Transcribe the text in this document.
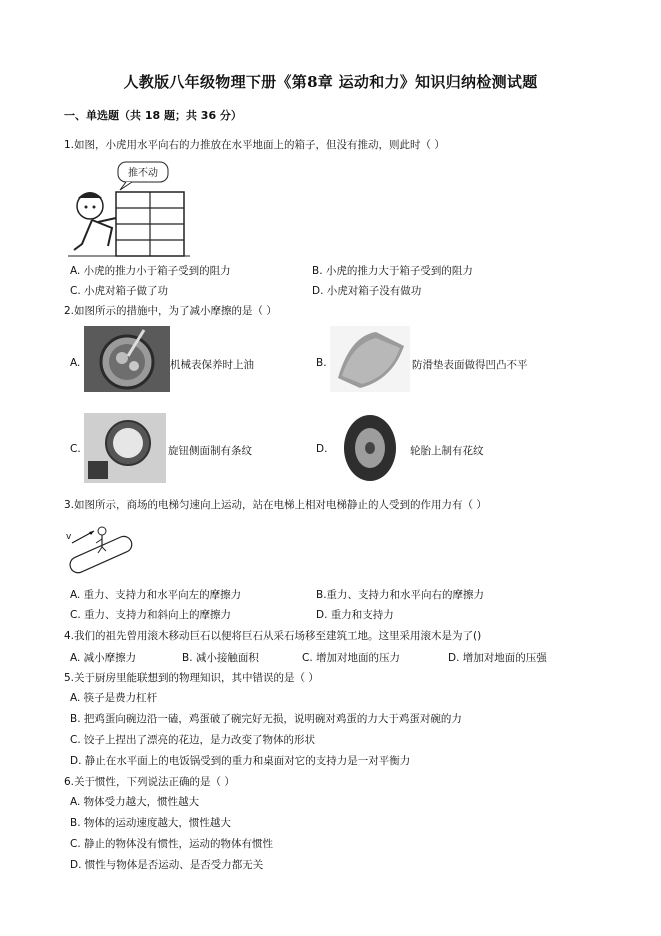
人教版八年级物理下册《第8章 运动和力》知识归纳检测试题
一、单选题（共 18 题；共 36 分）
1.如图，小虎用水平向右的力推放在水平地面上的箱子，但没有推动，则此时（ ）
推不动
A. 小虎的推力小于箱子受到的阻力	B. 小虎的推力大于箱子受到的阻力
C. 小虎对箱子做了功	D. 小虎对箱子没有做功
2.如图所示的措施中，为了减小摩擦的是（ ）
A.	机械表保养时上油	B.	防滑垫表面做得凹凸不平
C.	旋钮侧面制有条纹	D.	轮胎上制有花纹
3.如图所示，商场的电梯匀速向上运动，站在电梯上相对电梯静止的人受到的作用力有（ ）
v
A. 重力、支持力和水平向左的摩擦力	B.重力、支持力和水平向右的摩擦力
C. 重力、支持力和斜向上的摩擦力	D. 重力和支持力
4.我们的祖先曾用滚木移动巨石以便将巨石从采石场移至建筑工地。这里采用滚木是为了()
A. 减小摩擦力	B. 减小接触面积	C. 增加对地面的压力	D. 增加对地面的压强
5.关于厨房里能联想到的物理知识，其中错误的是（ ）
A. 筷子是费力杠杆
B. 把鸡蛋向碗边沿一磕，鸡蛋破了碗完好无损，说明碗对鸡蛋的力大于鸡蛋对碗的力
C. 饺子上捏出了漂亮的花边，是力改变了物体的形状
D. 静止在水平面上的电饭锅受到的重力和桌面对它的支持力是一对平衡力
6.关于惯性，下列说法正确的是（ ）
A. 物体受力越大，惯性越大
B. 物体的运动速度越大，惯性越大
C. 静止的物体没有惯性，运动的物体有惯性
D. 惯性与物体是否运动、是否受力都无关
